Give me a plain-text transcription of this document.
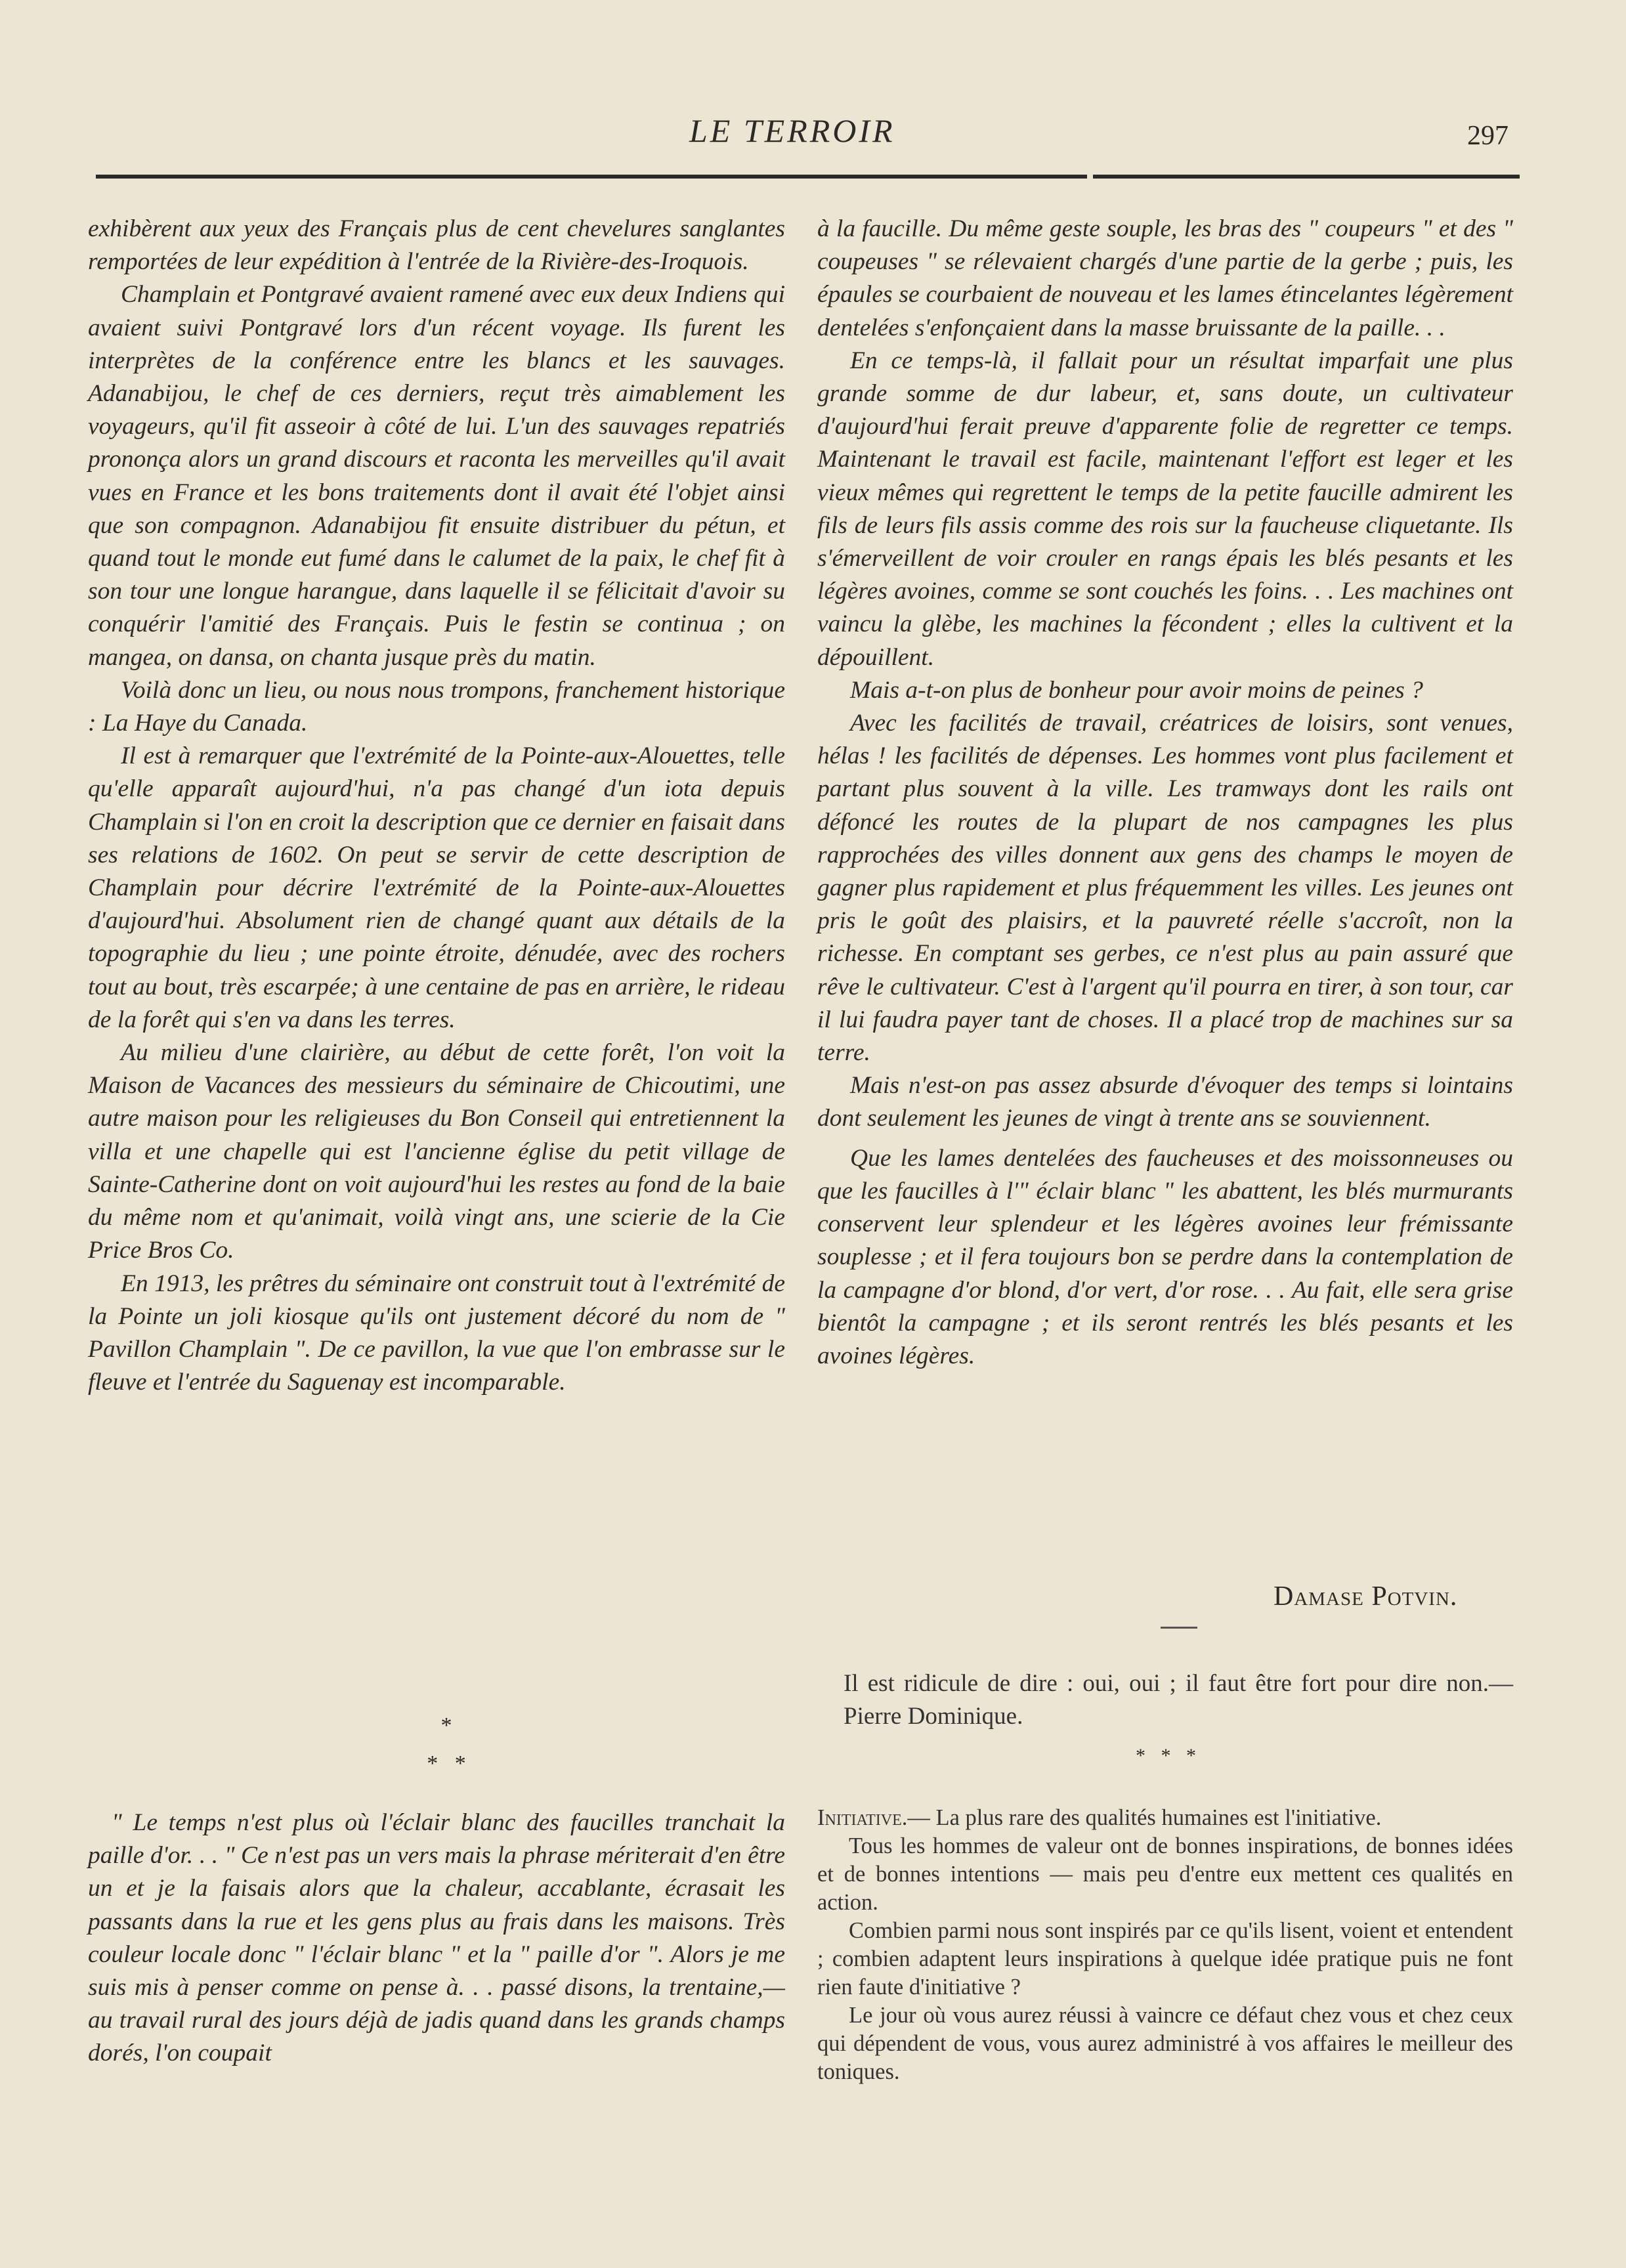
LE TERROIR	297

exhibèrent aux yeux des Français plus de cent chevelures sanglantes remportées de leur expédition à l'entrée de la Rivière-des-Iroquois.

Champlain et Pontgravé avaient ramené avec eux deux Indiens qui avaient suivi Pontgravé lors d'un récent voyage. Ils furent les interprètes de la conférence entre les blancs et les sauvages. Adanabijou, le chef de ces derniers, reçut très aimablement les voyageurs, qu'il fit asseoir à côté de lui. L'un des sauvages repatriés prononça alors un grand discours et raconta les merveilles qu'il avait vues en France et les bons traitements dont il avait été l'objet ainsi que son compagnon. Adanabijou fit ensuite distribuer du pétun, et quand tout le monde eut fumé dans le calumet de la paix, le chef fit à son tour une longue harangue, dans laquelle il se félicitait d'avoir su conquérir l'amitié des Français. Puis le festin se continua ; on mangea, on dansa, on chanta jusque près du matin.

Voilà donc un lieu, ou nous nous trompons, franchement historique : La Haye du Canada.

Il est à remarquer que l'extrémité de la Pointe-aux-Alouettes, telle qu'elle apparaît aujourd'hui, n'a pas changé d'un iota depuis Champlain si l'on en croit la description que ce dernier en faisait dans ses relations de 1602. On peut se servir de cette description de Champlain pour décrire l'extrémité de la Pointe-aux-Alouettes d'aujourd'hui. Absolument rien de changé quant aux détails de la topographie du lieu ; une pointe étroite, dénudée, avec des rochers tout au bout, très escarpée; à une centaine de pas en arrière, le rideau de la forêt qui s'en va dans les terres.

Au milieu d'une clairière, au début de cette forêt, l'on voit la Maison de Vacances des messieurs du séminaire de Chicoutimi, une autre maison pour les religieuses du Bon Conseil qui entretiennent la villa et une chapelle qui est l'ancienne église du petit village de Sainte-Catherine dont on voit aujourd'hui les restes au fond de la baie du même nom et qu'animait, voilà vingt ans, une scierie de la Cie Price Bros Co.

En 1913, les prêtres du séminaire ont construit tout à l'extrémité de la Pointe un joli kiosque qu'ils ont justement décoré du nom de " Pavillon Champlain ". De ce pavillon, la vue que l'on embrasse sur le fleuve et l'entrée du Saguenay est incomparable.

à la faucille. Du même geste souple, les bras des " coupeurs " et des " coupeuses " se rélevaient chargés d'une partie de la gerbe ; puis, les épaules se courbaient de nouveau et les lames étincelantes légèrement dentelées s'enfonçaient dans la masse bruissante de la paille. . .

En ce temps-là, il fallait pour un résultat imparfait une plus grande somme de dur labeur, et, sans doute, un cultivateur d'aujourd'hui ferait preuve d'apparente folie de regretter ce temps. Maintenant le travail est facile, maintenant l'effort est leger et les vieux mêmes qui regrettent le temps de la petite faucille admirent les fils de leurs fils assis comme des rois sur la faucheuse cliquetante. Ils s'émerveillent de voir crouler en rangs épais les blés pesants et les légères avoines, comme se sont couchés les foins. . . Les machines ont vaincu la glèbe, les machines la fécondent ; elles la cultivent et la dépouillent.

Mais a-t-on plus de bonheur pour avoir moins de peines ?

Avec les facilités de travail, créatrices de loisirs, sont venues, hélas ! les facilités de dépenses. Les hommes vont plus facilement et partant plus souvent à la ville. Les tramways dont les rails ont défoncé les routes de la plupart de nos campagnes les plus rapprochées des villes donnent aux gens des champs le moyen de gagner plus rapidement et plus fréquemment les villes. Les jeunes ont pris le goût des plaisirs, et la pauvreté réelle s'accroît, non la richesse. En comptant ses gerbes, ce n'est plus au pain assuré que rêve le cultivateur. C'est à l'argent qu'il pourra en tirer, à son tour, car il lui faudra payer tant de choses. Il a placé trop de machines sur sa terre.

Mais n'est-on pas assez absurde d'évoquer des temps si lointains dont seulement les jeunes de vingt à trente ans se souviennent.

Que les lames dentelées des faucheuses et des moissonneuses ou que les faucilles à l'" éclair blanc " les abattent, les blés murmurants conservent leur splendeur et les légères avoines leur frémissante souplesse ; et il fera toujours bon se perdre dans la contemplation de la campagne d'or blond, d'or vert, d'or rose. . . Au fait, elle sera grise bientôt la campagne ; et ils seront rentrés les blés pesants et les avoines légères.

Damase Potvin.
Il est ridicule de dire : oui, oui ; il faut être fort pour dire non.— Pierre Dominique.
*
*   *	* * *

" Le temps n'est plus où l'éclair blanc des faucilles tranchait la paille d'or. . . " Ce n'est pas un vers mais la phrase mériterait d'en être un et je la faisais alors que la chaleur, accablante, écrasait les passants dans la rue et les gens plus au frais dans les maisons. Très couleur locale donc " l'éclair blanc " et la " paille d'or ". Alors je me suis mis à penser comme on pense à. . . passé disons, la trentaine,— au travail rural des jours déjà de jadis quand dans les grands champs dorés, l'on coupait

Initiative.— La plus rare des qualités humaines est l'initiative.

Tous les hommes de valeur ont de bonnes inspirations, de bonnes idées et de bonnes intentions — mais peu d'entre eux mettent ces qualités en action.

Combien parmi nous sont inspirés par ce qu'ils lisent, voient et entendent ; combien adaptent leurs inspirations à quelque idée pratique puis ne font rien faute d'initiative ?

Le jour où vous aurez réussi à vaincre ce défaut chez vous et chez ceux qui dépendent de vous, vous aurez administré à vos affaires le meilleur des toniques.
